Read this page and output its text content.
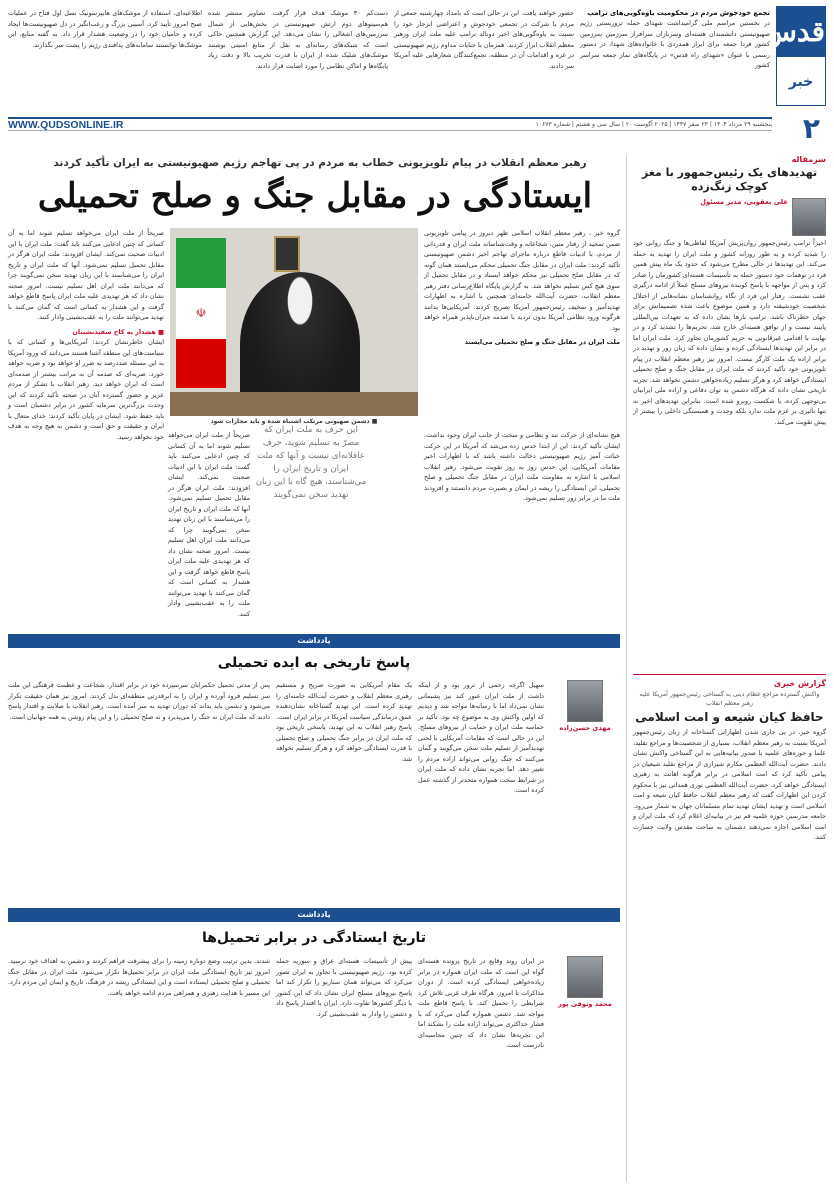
قدس
خبر
۲
تجمع خودجوش مردم در محکومیت یاوه‌گویی‌های ترامپ
در نخستین مراسم ملی گرامیداشت شهدای حمله تروریستی رژیم صهیونیستی دانشمندان هسته‌ای وسربازان سرافراز سرزمین سرزمین کشور فردا جمعه برای ابراز همدردی با خانواده‌های شهدا، در دستور رسمی با عنوان «شهدای راه قدس» در پایگاه‌های نماز جمعه سراسر کشور
حضور خواهند یافت. این در حالی است که بامداد چهارشنبه جمعی از مردم با شرکت در تجمعی خودجوش و اعتراضی انزجار خود را نسبت به یاوه‌گویی‌های اخیر دونالد ترامپ علیه ملت ایران ورهبر معظم انقلاب ابراز کردند. همزمان با جنایات مداوم رژیم صهیونیستی در غزه و اقدامات آن در منطقه، تجمع‌کنندگان شعارهایی علیه آمریکا سر دادند.
دست‌کم ۳۰ موشک هدف قرار گرفت. تصاویر منتشر شده هم‌سینوهای دوم ارتش صهیونیستی در بخش‌هایی از شمال سرزمین‌های اشغالی را نشان می‌دهد. این گزارش همچنین حاکی است که شبکه‌های رسانه‌ای به نقل از منابع امنیتی نوشتند موشک‌های شلیک شده از ایران با قدرت تخریب بالا و دقت زیاد پایگاه‌ها و اماکن نظامی را مورد اصابت قرار دادند.
اطلاعیه‌ای، استفاده از موشک‌های هایپرسونیک نسل اول فتاح در عملیات صبح امروز تأیید کرد. آسیبی بزرگ و رعب‌انگیز در دل صهیونیست‌ها ایجاد کرده و حامیان خود را در وضعیت هشدار قرار داد. به گفته منابع، این موشک‌ها توانستند سامانه‌های پدافندی رژیم را پشت سر بگذارند.
پنجشنبه ۲۹ مرداد ۱۴۰۴ | ۲۳ صفر ۱۴۴۷ | ۲۰۲۵ آگوست ۲۰ | سال سی و هشتم | شماره ۱۰۶۷۳
WWW.QUDSONLINE.IR
سرمقاله
تهدیدهای یک رئیس‌جمهور با مغز کوچک زنگ‌زده
علی یعقوبی، مدیر مسئول
اخیراً ترامپ رئیس‌جمهور روان‌پریش آمریکا لفاظی‌ها و جنگ روانی خود را شدید کرده و به طور روزانه کشور و ملت ایران را تهدید به حمله می‌کند. این تهدیدها در حالی مطرح می‌شود که حدود یک ماه پیش همین فرد در توهمات خود دستور حمله به تأسیسات هسته‌ای کشورمان را صادر کرد و پس از مواجهه با پاسخ کوبنده نیروهای مسلح عملاً از ادامه درگیری عقب نشست. رفتار این فرد از نگاه روانشناسان نشانه‌هایی از اختلال شخصیت خودشیفته دارد و همین موضوع باعث شده تصمیماتش برای جهان خطرناک باشد. ترامپ بارها نشان داده که به تعهدات بین‌المللی پایبند نیست و از توافق هسته‌ای خارج شد، تحریم‌ها را تشدید کرد و در نهایت با اقدامی غیرقانونی به حریم کشورمان تجاوز کرد. ملت ایران اما در برابر این تهدیدها ایستادگی کرده و نشان داده که زبان زور و تهدید در برابر اراده یک ملت کارگر نیست. امروز نیز رهبر معظم انقلاب در پیام تلویزیونی خود تأکید کردند که ملت ایران در مقابل جنگ و صلح تحمیلی ایستادگی خواهد کرد و هرگز تسلیم زیاده‌خواهی دشمن نخواهد شد. تجربه تاریخی نشان داده که هرگاه دشمن به توان دفاعی و اراده ملی ایرانیان بی‌توجهی کرده، با شکست روبرو شده است. بنابراین تهدیدهای اخیر نه تنها تأثیری بر عزم ملت ندارد بلکه وحدت و همبستگی داخلی را بیشتر از پیش تقویت می‌کند.
گزارش خبری
واکنش گسترده مراجع عظام دینی به گستاخی رئیس‌جمهور آمریکا علیه رهبر معظم انقلاب
حافظ کیان شیعه و امت اسلامی
گروه خبر، در پی جاری شدن اظهاراتی گستاخانه از زبان رئیس‌جمهور آمریکا نسبت به رهبر معظم انقلاب، بسیاری از شخصیت‌ها و مراجع تقلید، علما و حوزه‌های علمیه با صدور بیانیه‌هایی به این گستاخی واکنش نشان دادند. حضرت آیت‌الله العظمی مکارم شیرازی از مراجع تقلید شیعیان در پیامی تأکید کرد که امت اسلامی در برابر هرگونه اهانت به رهبری ایستادگی خواهد کرد. حضرت آیت‌الله العظمی نوری همدانی نیز با محکوم کردن این اظهارات گفت که رهبر معظم انقلاب حافظ کیان شیعه و امت اسلامی است و تهدید ایشان تهدید تمام مسلمانان جهان به شمار می‌رود. جامعه مدرسین حوزه علمیه قم نیز در بیانیه‌ای اعلام کرد که ملت ایران و امت اسلامی اجازه نمی‌دهند دشمنان به ساحت مقدس ولایت جسارت کنند.
رهبر معظم انقلاب در پیام تلویزیونی خطاب به مردم در پی تهاجم رژیم صهیونیستی به ایران تأکید کردند
ایستادگی در مقابل جنگ و صلح تحمیلی
گروه خبر ، رهبر معظم انقلاب اسلامی ظهر دیروز در پیامی تلویزیونی ضمن تمجید از رفتار متین، شجاعانه و وقت‌شناسانه ملت ایران و قدردانی از مردم، با ادبیات قاطع درباره ماجرای تهاجم اخیر دشمن صهیونیستی تأکید کردند: ملت ایران در مقابل جنگ تحمیلی محکم می‌ایستد همان گونه که در مقابل صلح تحمیلی نیز محکم خواهد ایستاد و در مقابل تحمیل از سوی هیچ کس تسلیم نخواهد شد. به گزارش پایگاه اطلاع‌رسانی دفتر رهبر معظم انقلاب، حضرت آیت‌الله خامنه‌ای همچنین با اشاره به اظهارات تهدیدآمیز و سخیف رئیس‌جمهور آمریکا تصریح کردند: آمریکایی‌ها بدانند هرگونه ورود نظامی آمریکا بدون تردید با صدمه جبران‌ناپذیر همراه خواهد بود.
ملت ایران در مقابل جنگ و صلح تحمیلی می‌ایستد
☫
■ دشمن صهیونی مرتکب اشتباه شده و باید مجازات شود
هیچ نشانه‌ای از حرکت تند و نظامی و سخت از جانب ایران وجود نداشت. ایشان تأکید کردند: این از ابتدا حدس زده می‌شد که آمریکا در این حرکت خباثت آمیز رژیم صهیونیستی دخالت داشته باشد که با اظهارات اخیر مقامات آمریکایی، این حدس روز به روز تقویت می‌شود. رهبر انقلاب اسلامی با اشاره به مقاومت ملت ایران در مقابل جنگ تحمیلی و صلح تحمیلی، این ایستادگی را ریشه در ایمان و بصیرت مردم دانستند و افزودند ملت ما در برابر زور تسلیم نمی‌شود.
این حرف به ملت ایران که مصرّ به تسلیم شوید، حرف عاقلانه‌ای نیست و آنها که ملت ایران و تاریخ ایران را می‌شناسند، هیچ گاه با این زبان تهدید سخن نمی‌گویند
صریحاً از ملت ایران می‌خواهد تسلیم شوند اما به آن کسانی که چنین ادعایی می‌کنند باید گفت: ملت ایران با این ادبیات صحبت نمی‌کند. ایشان افزودند: ملت ایران هرگز در مقابل تحمیل تسلیم نمی‌شود. آنها که ملت ایران و تاریخ ایران را می‌شناسند با این زبان تهدید سخن نمی‌گویند چرا که می‌دانند ملت ایران اهل تسلیم نیست. امروز صحنه نشان داد که هر تهدیدی علیه ملت ایران پاسخ قاطع خواهد گرفت و این هشدار به کسانی است که گمان می‌کنند با تهدید می‌توانند ملت را به عقب‌نشینی وادار کنند.
صریحاً از ملت ایران می‌خواهد تسلیم شوند اما به آن کسانی که چنین ادعایی می‌کنند باید گفت: ملت ایران با این ادبیات صحبت نمی‌کند. ایشان افزودند: ملت ایران هرگز در مقابل تحمیل تسلیم نمی‌شود. آنها که ملت ایران و تاریخ ایران را می‌شناسند با این زبان تهدید سخن نمی‌گویند چرا که می‌دانند ملت ایران اهل تسلیم نیست. امروز صحنه نشان داد که هر تهدیدی علیه ملت ایران پاسخ قاطع خواهد گرفت و این هشدار به کسانی است که گمان می‌کنند با تهدید می‌توانند ملت را به عقب‌نشینی وادار کنند.
■ هشدار به کاخ سفیدنشینان
ایشان خاطرنشان کردند: آمریکایی‌ها و کسانی که با سیاست‌های این منطقه آشنا هستند می‌دانند که ورود آمریکا به این مسئله صددرصد به ضرر او خواهد بود و ضربه خواهد خورد. ضربه‌ای که صدمه آن به مراتب بیشتر از صدمه‌ای است که ایران خواهد دید. رهبر انقلاب با تشکر از مردم عزیز و حضور گسترده آنان در صحنه تأکید کردند که این وحدت بزرگ‌ترین سرمایه کشور در برابر دشمنان است و باید حفظ شود. ایشان در پایان تأکید کردند: خدای متعال با ایران و حقیقت و حق است و دشمن به هیچ وجه به هدف خود نخواهد رسید.
یادداشت
پاسخ تاریخی به ایده تحمیلی
مهدی حسن‌زاده
سهیل اگرچه زخمی از ترور بود و از اینکه داشت از ملت ایران عبور کند نیز پشیمانی نشان نمی‌داد اما با رسانه‌ها مواجه شد و دیدیم که اولین واکنش وی به موضوع چه بود. تأکید بر حماسه ملت ایران و حمایت از نیروهای مسلح. این در حالی است که مقامات آمریکایی با لحنی تهدیدآمیز از تسلیم ملت سخن می‌گویند و گمان می‌کنند که جنگ روانی می‌تواند اراده مردم را تغییر دهد. اما تجربه نشان داده که ملت ایران در شرایط سخت همواره متحدتر از گذشته عمل کرده است.
یک مقام آمریکایی به صورت صریح و مستقیم رهبری معظم انقلاب و حضرت آیت‌الله خامنه‌ای را تهدید کرده است. این تهدید گستاخانه نشان‌دهنده عمق درماندگی سیاست آمریکا در برابر ایران است. پاسخ رهبر انقلاب به این تهدید، پاسخی تاریخی بود که ملت ایران در برابر جنگ تحمیلی و صلح تحمیلی با قدرت ایستادگی خواهد کرد و هرگز تسلیم نخواهد شد.
پس از مدتی تحمیل حکمرانان سرسپرده خود در برابر اقتدار، شجاعت و عظمت فرهنگی این ملت سر تسلیم فرود آورده و ایران را به ابرقدرتی منطقه‌ای بدل کردند. امروز نیز همان حقیقت تکرار می‌شود و دشمن باید بداند که دوران تهدید به سر آمده است. رهبر انقلاب با صلابت و اقتدار پاسخ دادند که ملت ایران نه جنگ را می‌پذیرد و نه صلح تحمیلی را و این پیام روشن به همه جهانیان است.
یادداشت
تاریخ ایستادگی در برابر تحمیل‌ها
محمد وثوقی پور
در ایران روند وقایع در تاریخ پرونده هسته‌ای گواه این است که ملت ایران همواره در برابر زیاده‌خواهی ایستادگی کرده است. از دوران مذاکرات تا امروز، هرگاه طرف غربی تلاش کرد شرایطی را تحمیل کند، با پاسخ قاطع ملت مواجه شد. دشمن همواره گمان می‌کرد که با فشار حداکثری می‌تواند اراده ملت را بشکند اما این تجربه‌ها نشان داد که چنین محاسبه‌ای نادرست است.
پیش از تأسیسات هسته‌ای عراق و سوریه حمله کرده بود. رژیم صهیونیستی با تجاوز به ایران تصور می‌کرد که می‌تواند همان سناریو را تکرار کند اما پاسخ نیروهای مسلح ایران نشان داد که این کشور با دیگر کشورها تفاوت دارد. ایران با اقتدار پاسخ داد و دشمن را وادار به عقب‌نشینی کرد.
شدند. بدین ترتیب وضع دوباره زمینه را برای پیشرفت فراهم کردند و دشمن به اهداف خود نرسید. امروز نیز تاریخ ایستادگی ملت ایران در برابر تحمیل‌ها تکرار می‌شود. ملت ایران در مقابل جنگ تحمیلی و صلح تحمیلی ایستاده است و این ایستادگی ریشه در فرهنگ، تاریخ و ایمان این مردم دارد. این مسیر با هدایت رهبری و همراهی مردم ادامه خواهد یافت.
